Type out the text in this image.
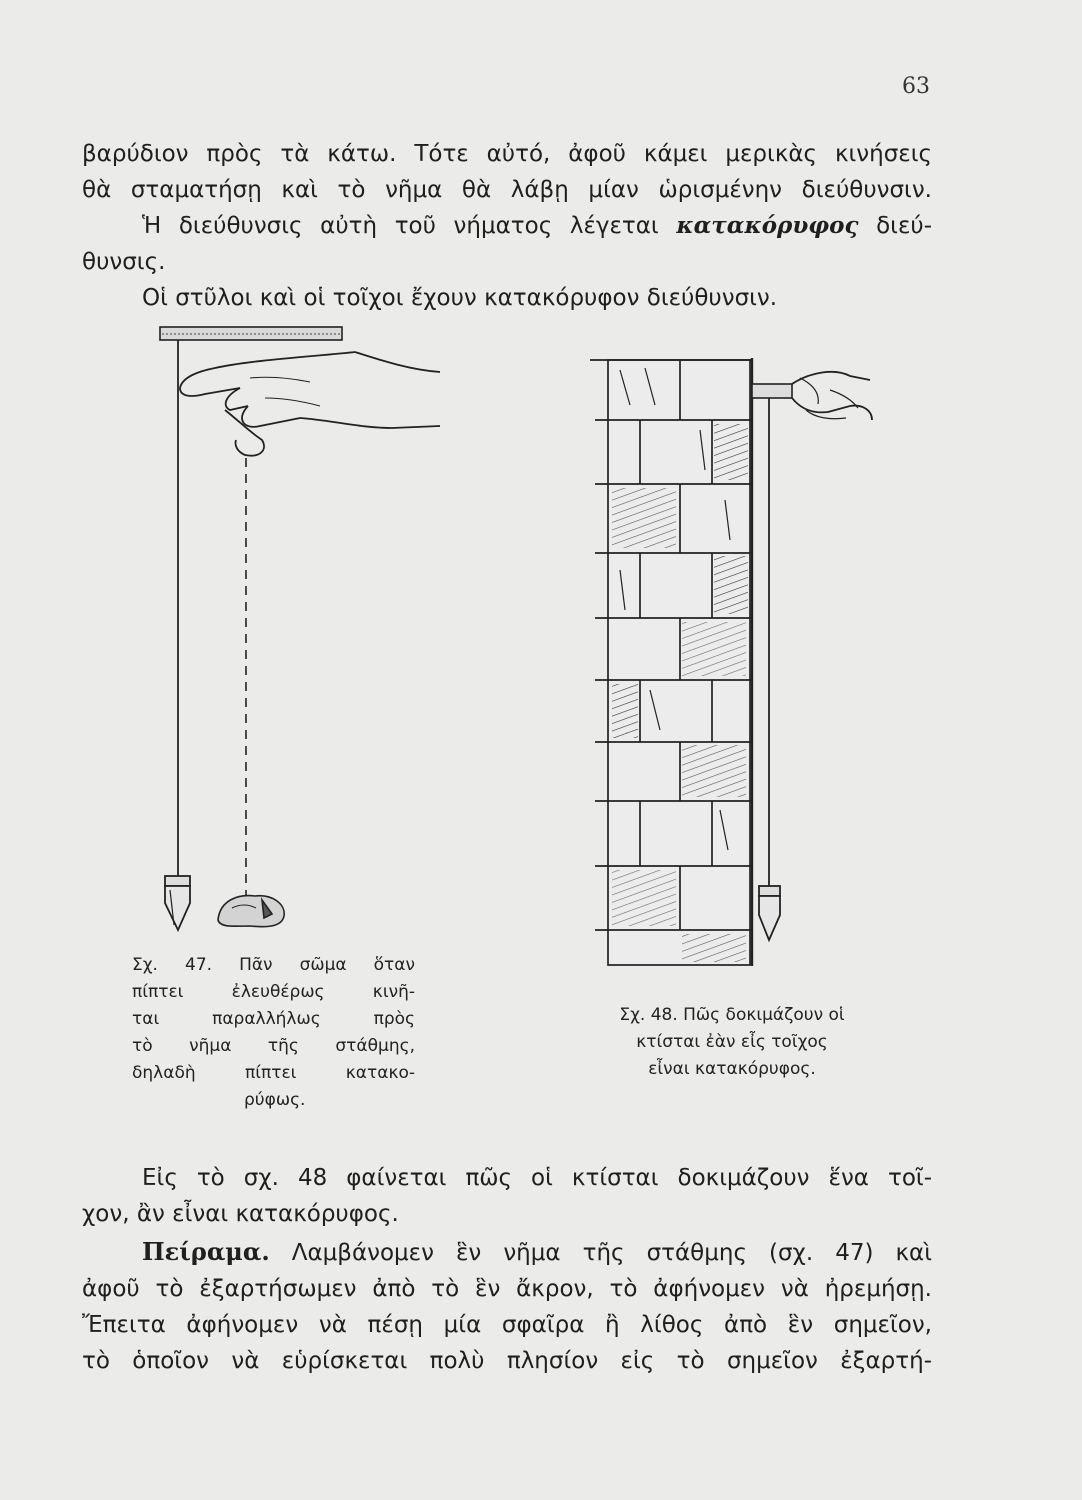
63
βαρύδιον πρὸς τὰ κάτω. Τότε αὐτό, ἀφοῦ κάμει μερικὰς κινήσεις
θὰ σταματήσῃ καὶ τὸ νῆμα θὰ λάβῃ μίαν ὡρισμένην διεύθυνσιν.
Ἡ διεύθυνσις αὐτὴ τοῦ νήματος λέγεται κατακόρυφος διεύ-
θυνσις.
Οἱ στῦλοι καὶ οἱ τοῖχοι ἔχουν κατακόρυφον διεύθυνσιν.
Σχ. 47. Πᾶν σῶμα ὅταν
πίπτει ἐλευθέρως κινῆ-
ται παραλλήλως πρὸς
τὸ νῆμα τῆς στάθμης,
δηλαδὴ πίπτει κατακο-
ρύφως.
Σχ. 48. Πῶς δοκιμάζουν οἱ
κτίσται ἐὰν εἶς τοῖχος
εἶναι κατακόρυφος.
Εἰς τὸ σχ. 48 φαίνεται πῶς οἱ κτίσται δοκιμάζουν ἕνα τοῖ-
χον, ἂν εἶναι κατακόρυφος.
Πείραμα. Λαμβάνομεν ἓν νῆμα τῆς στάθμης (σχ. 47) καὶ
ἀφοῦ τὸ ἐξαρτήσωμεν ἀπὸ τὸ ἓν ἄκρον, τὸ ἀφήνομεν νὰ ἠρεμήσῃ.
Ἔπειτα ἀφήνομεν νὰ πέσῃ μία σφαῖρα ἢ λίθος ἀπὸ ἓν σημεῖον,
τὸ ὁποῖον νὰ εὑρίσκεται πολὺ πλησίον εἰς τὸ σημεῖον ἐξαρτή-
